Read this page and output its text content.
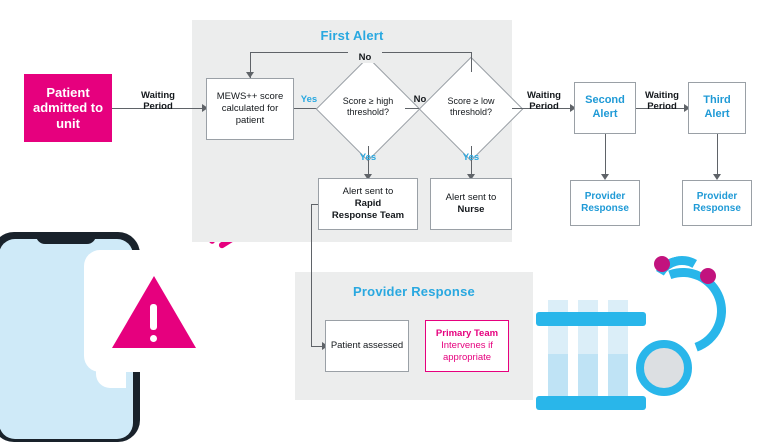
First Alert
Provider Response
Patient admitted to unit
Waiting
Period
MEWS++ score calculated for patient
Yes	Score ≥ high threshold?
No	Score ≥ low threshold?
No
Yes	Yes
Alert sent to
Rapid
Response Team
Alert sent to
Nurse
Patient assessed
Primary Team
Intervenes if appropriate
Waiting
Period
Second Alert
Provider Response
Waiting
Period
Third Alert
Provider Response
